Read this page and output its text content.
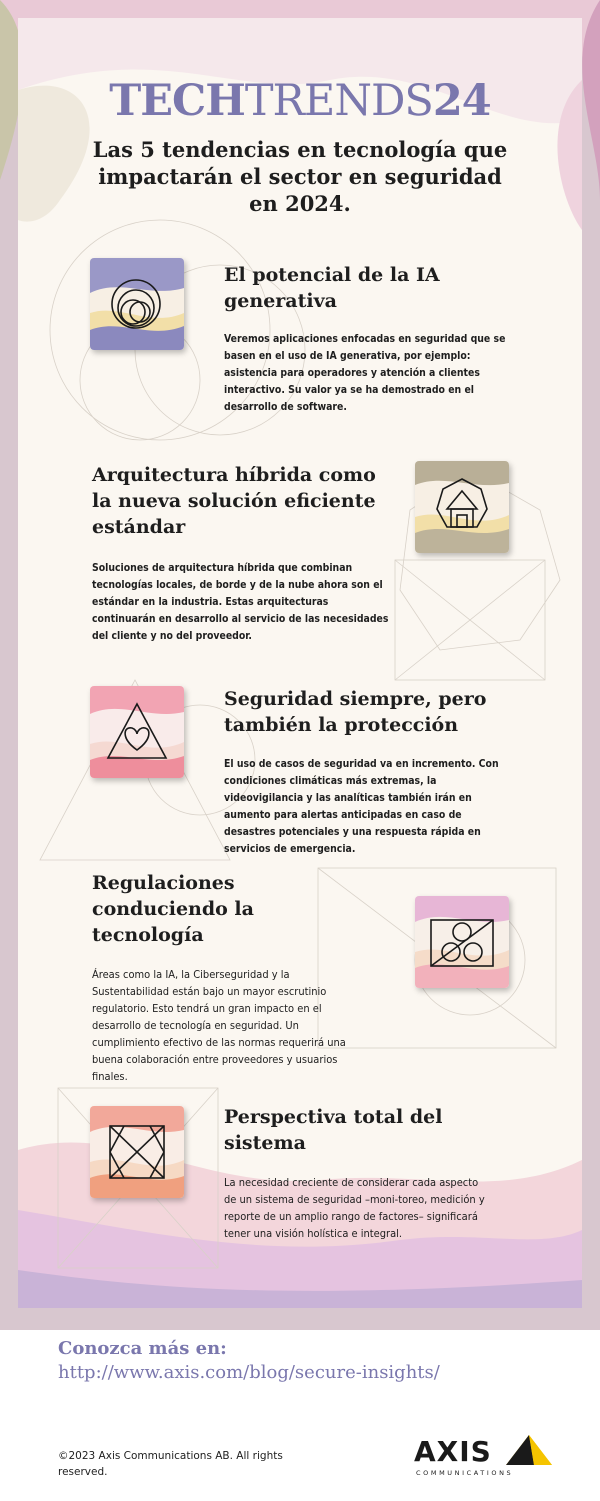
TECHTRENDS24
Las 5 tendencias en tecnología que impactarán el sector en seguridad en 2024.
El potencial de la IA generativa
Veremos aplicaciones enfocadas en seguridad que se basen en el uso de IA generativa, por ejemplo: asistencia para operadores y atención a clientes interactivo. Su valor ya se ha demostrado en el desarrollo de software.
Arquitectura híbrida como la nueva solución eficiente estándar
Soluciones de arquitectura híbrida que combinan tecnologías locales, de borde y de la nube ahora son el estándar en la industria. Estas arquitecturas continuarán en desarrollo al servicio de las necesidades del cliente y no del proveedor.
Seguridad siempre, pero también la protección
El uso de casos de seguridad va en incremento. Con condiciones climáticas más extremas, la videovigilancia y las analíticas también irán en aumento para alertas anticipadas en caso de desastres potenciales y una respuesta rápida en servicios de emergencia.
Regulaciones conduciendo la tecnología
Áreas como la IA, la Ciberseguridad y la Sustentabilidad están bajo un mayor escrutinio regulatorio. Esto tendrá un gran impacto en el desarrollo de tecnología en seguridad. Un cumplimiento efectivo de las normas requerirá una buena colaboración entre proveedores y usuarios finales.
Perspectiva total del sistema
La necesidad creciente de considerar cada aspecto de un sistema de seguridad –moni-toreo, medición y reporte de un amplio rango de factores– significará tener una visión holística e integral.
Conozca más en:
http://www.axis.com/blog/secure-insights/
©2023 Axis Communications AB. All rights reserved.
AXIS
COMMUNICATIONS
